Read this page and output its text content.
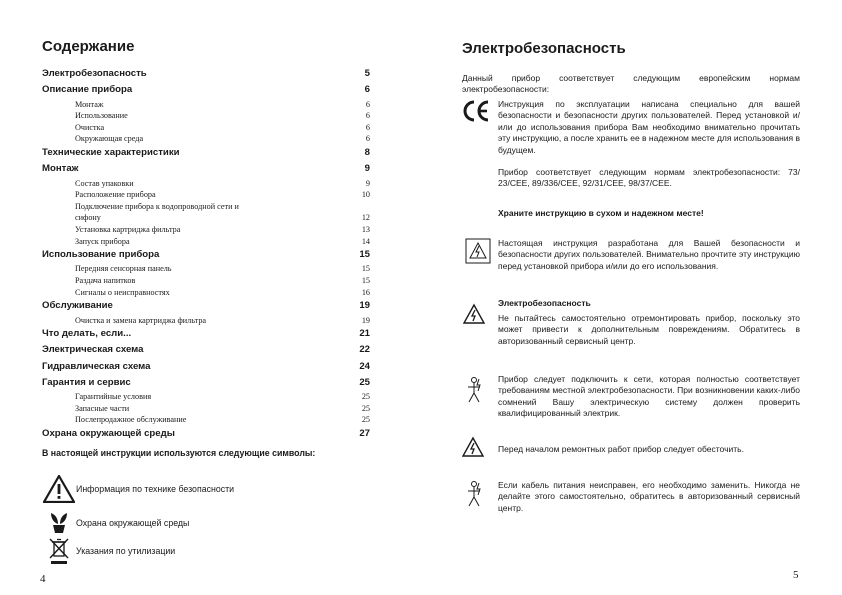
Содержание
Электробезопасность	5
Описание прибора	6
Монтаж	6
Использование	6
Очистка	6
Окружающая среда	6
Технические характеристики	8
Монтаж	9
Состав упаковки	9
Расположение прибора	10
Подключение прибора к водопроводной сети и
сифону	12
Установка картриджа фильтра	13
Запуск прибора	14
Использование прибора	15
Передняя сенсорная панель	15
Раздача напитков	15
Сигналы о неисправностях	16
Обслуживание	19
Очистка и замена картриджа фильтра	19
Что делать, если...	21
Электрическая схема	22
Гидравлическая схема	24
Гарантия и сервис	25
Гарантийные условия	25
Запасные части	25
Послепродажное обслуживание	25
Охрана окружающей среды	27
В настоящей инструкции используются следующие символы:
Информация по технике безопасности
Охрана окружающей среды
Указания по утилизации
4
Электробезопасность
Данный прибор соответствует следующим европейским нормам электробезопасности:
Инструкция по эксплуатации написана специально для вашей безопасности и безопасности других пользователей. Перед установкой и/или до использования прибора Вам необходимо внимательно прочитать эту инструкцию, а после хранить ее в надежном месте для использования в будущем.
Прибор соответствует следующим нормам электробезопасности: 73/ 23/CEE, 89/336/CEE, 92/31/CEE, 98/37/CEE.
Храните инструкцию в сухом и надежном месте!
Настоящая инструкция разработана для Вашей безопасности и безопасности других пользователей. Внимательно прочтите эту инструкцию перед установкой прибора и/или до его использования.
Электробезопасность
Не пытайтесь самостоятельно отремонтировать прибор, поскольку это может привести к дополнительным повреждениям. Обратитесь в авторизованный сервисный центр.
Прибор следует подключить к сети, которая полностью соответствует требованиям местной электробезопасности. При возникновении каких-либо сомнений Вашу электрическую систему должен проверить квалифицированный электрик.
Перед началом ремонтных работ прибор следует обесточить.
Если кабель питания неисправен, его необходимо заменить. Никогда не делайте этого самостоятельно, обратитесь в авторизованный сервисный центр.
5
